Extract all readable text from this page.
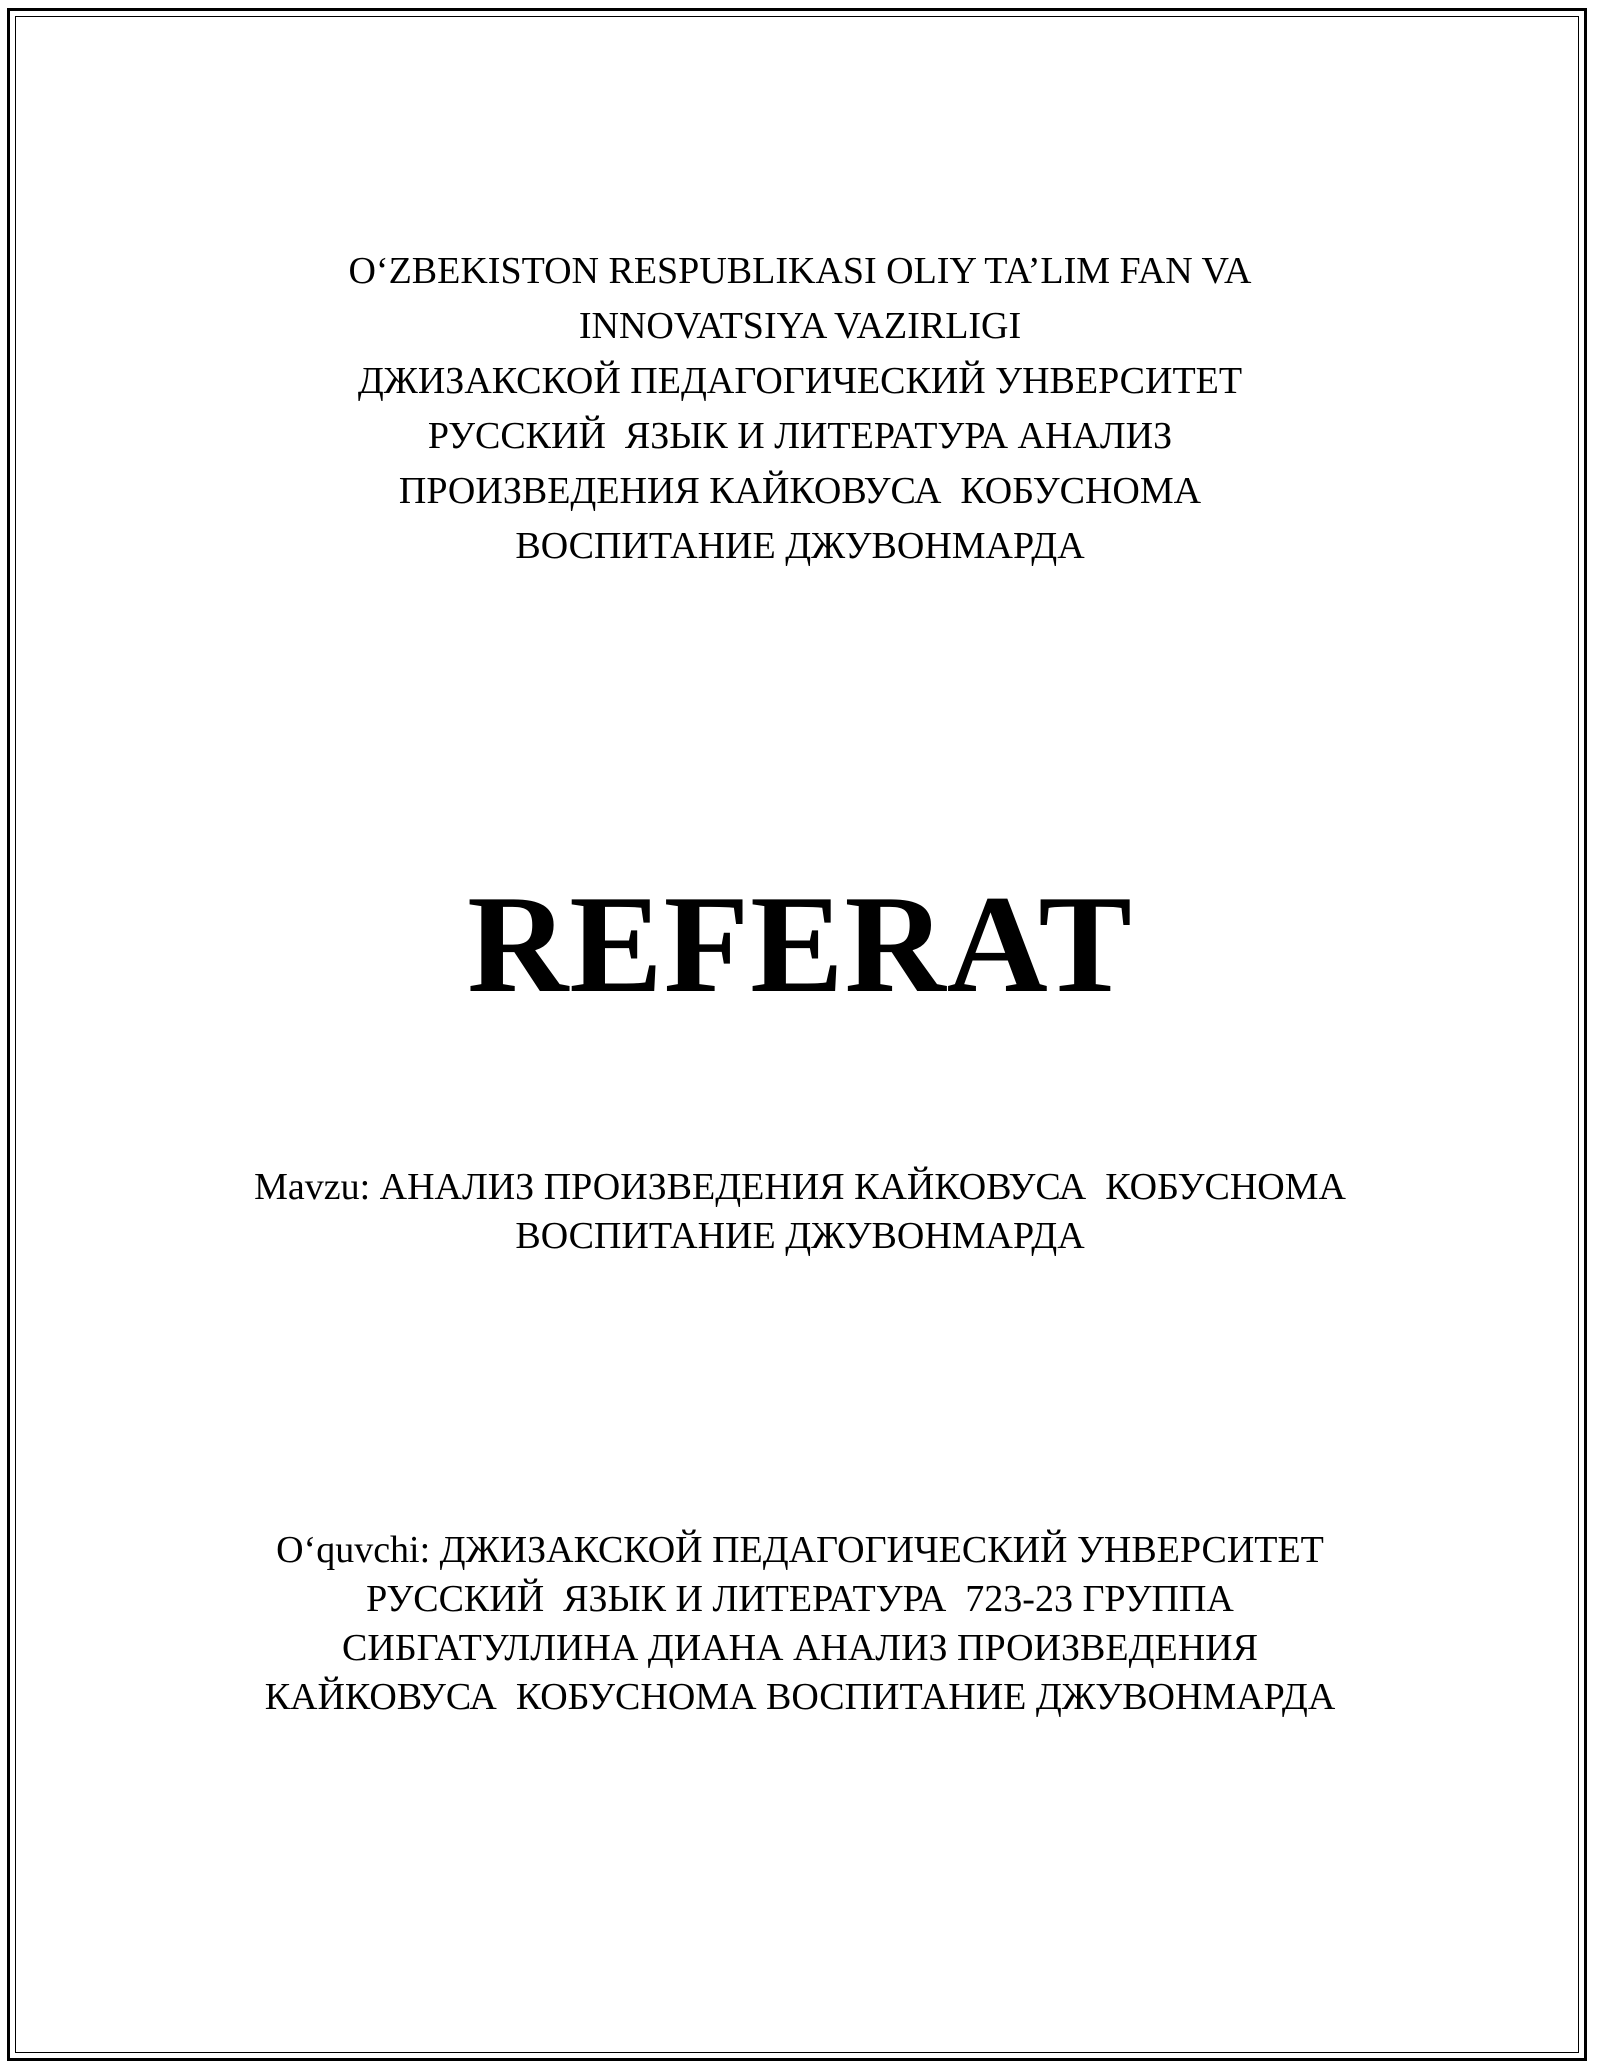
O‘ZBEKISTON RESPUBLIKASI OLIY TA’LIM FAN VA
INNOVATSIYA VAZIRLIGI
ДЖИЗАКСКОЙ ПЕДАГОГИЧЕСКИЙ УНВЕРСИТЕТ
РУССКИЙ  ЯЗЫК И ЛИТЕРАТУРА АНАЛИЗ
ПРОИЗВЕДЕНИЯ КАЙКОВУСА  КОБУСНОМА
ВОСПИТАНИЕ ДЖУВОНМАРДА
REFERAT
Mavzu: АНАЛИЗ ПРОИЗВЕДЕНИЯ КАЙКОВУСА  КОБУСНОМА
ВОСПИТАНИЕ ДЖУВОНМАРДА
O‘quvchi: ДЖИЗАКСКОЙ ПЕДАГОГИЧЕСКИЙ УНВЕРСИТЕТ
РУССКИЙ  ЯЗЫК И ЛИТЕРАТУРА  723-23 ГРУППА
СИБГАТУЛЛИНА ДИАНА АНАЛИЗ ПРОИЗВЕДЕНИЯ
КАЙКОВУСА  КОБУСНОМА ВОСПИТАНИЕ ДЖУВОНМАРДА
